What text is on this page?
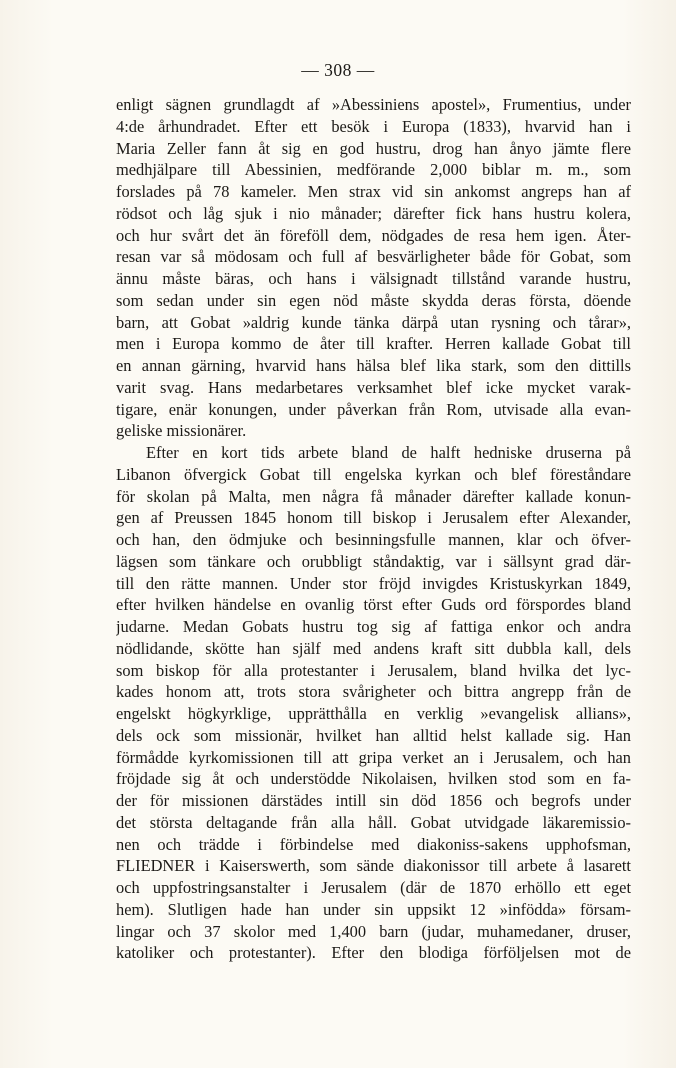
— 308 —
enligt sägnen grundlagdt af »Abessiniens apostel», Frumentius, under
4:de århundradet. Efter ett besök i Europa (1833), hvarvid han i
Maria Zeller fann åt sig en god hustru, drog han ånyo jämte flere
medhjälpare till Abessinien, medförande 2,000 biblar m. m., som
forslades på 78 kameler. Men strax vid sin ankomst angreps han af
rödsot och låg sjuk i nio månader; därefter fick hans hustru kolera,
och hur svårt det än föreföll dem, nödgades de resa hem igen. Åter-
resan var så mödosam och full af besvärligheter både för Gobat, som
ännu måste bäras, och hans i välsignadt tillstånd varande hustru,
som sedan under sin egen nöd måste skydda deras första, döende
barn, att Gobat »aldrig kunde tänka därpå utan rysning och tårar»,
men i Europa kommo de åter till krafter. Herren kallade Gobat till
en annan gärning, hvarvid hans hälsa blef lika stark, som den dittills
varit svag. Hans medarbetares verksamhet blef icke mycket varak-
tigare, enär konungen, under påverkan från Rom, utvisade alla evan-
geliske missionärer.
Efter en kort tids arbete bland de halft hedniske druserna på
Libanon öfvergick Gobat till engelska kyrkan och blef föreståndare
för skolan på Malta, men några få månader därefter kallade konun-
gen af Preussen 1845 honom till biskop i Jerusalem efter Alexander,
och han, den ödmjuke och besinningsfulle mannen, klar och öfver-
lägsen som tänkare och orubbligt ståndaktig, var i sällsynt grad där-
till den rätte mannen. Under stor fröjd invigdes Kristuskyrkan 1849,
efter hvilken händelse en ovanlig törst efter Guds ord förspordes bland
judarne. Medan Gobats hustru tog sig af fattiga enkor och andra
nödlidande, skötte han själf med andens kraft sitt dubbla kall, dels
som biskop för alla protestanter i Jerusalem, bland hvilka det lyc-
kades honom att, trots stora svårigheter och bittra angrepp från de
engelskt högkyrklige, upprätthålla en verklig »evangelisk allians»,
dels ock som missionär, hvilket han alltid helst kallade sig. Han
förmådde kyrkomissionen till att gripa verket an i Jerusalem, och han
fröjdade sig åt och understödde Nikolaisen, hvilken stod som en fa-
der för missionen därstädes intill sin död 1856 och begrofs under
det största deltagande från alla håll. Gobat utvidgade läkaremissio-
nen och trädde i förbindelse med diakoniss-sakens upphofsman,
FLIEDNER i Kaiserswerth, som sände diakonissor till arbete å lasarett
och uppfostringsanstalter i Jerusalem (där de 1870 erhöllo ett eget
hem). Slutligen hade han under sin uppsikt 12 »infödda» försam-
lingar och 37 skolor med 1,400 barn (judar, muhamedaner, druser,
katoliker och protestanter). Efter den blodiga förföljelsen mot de
